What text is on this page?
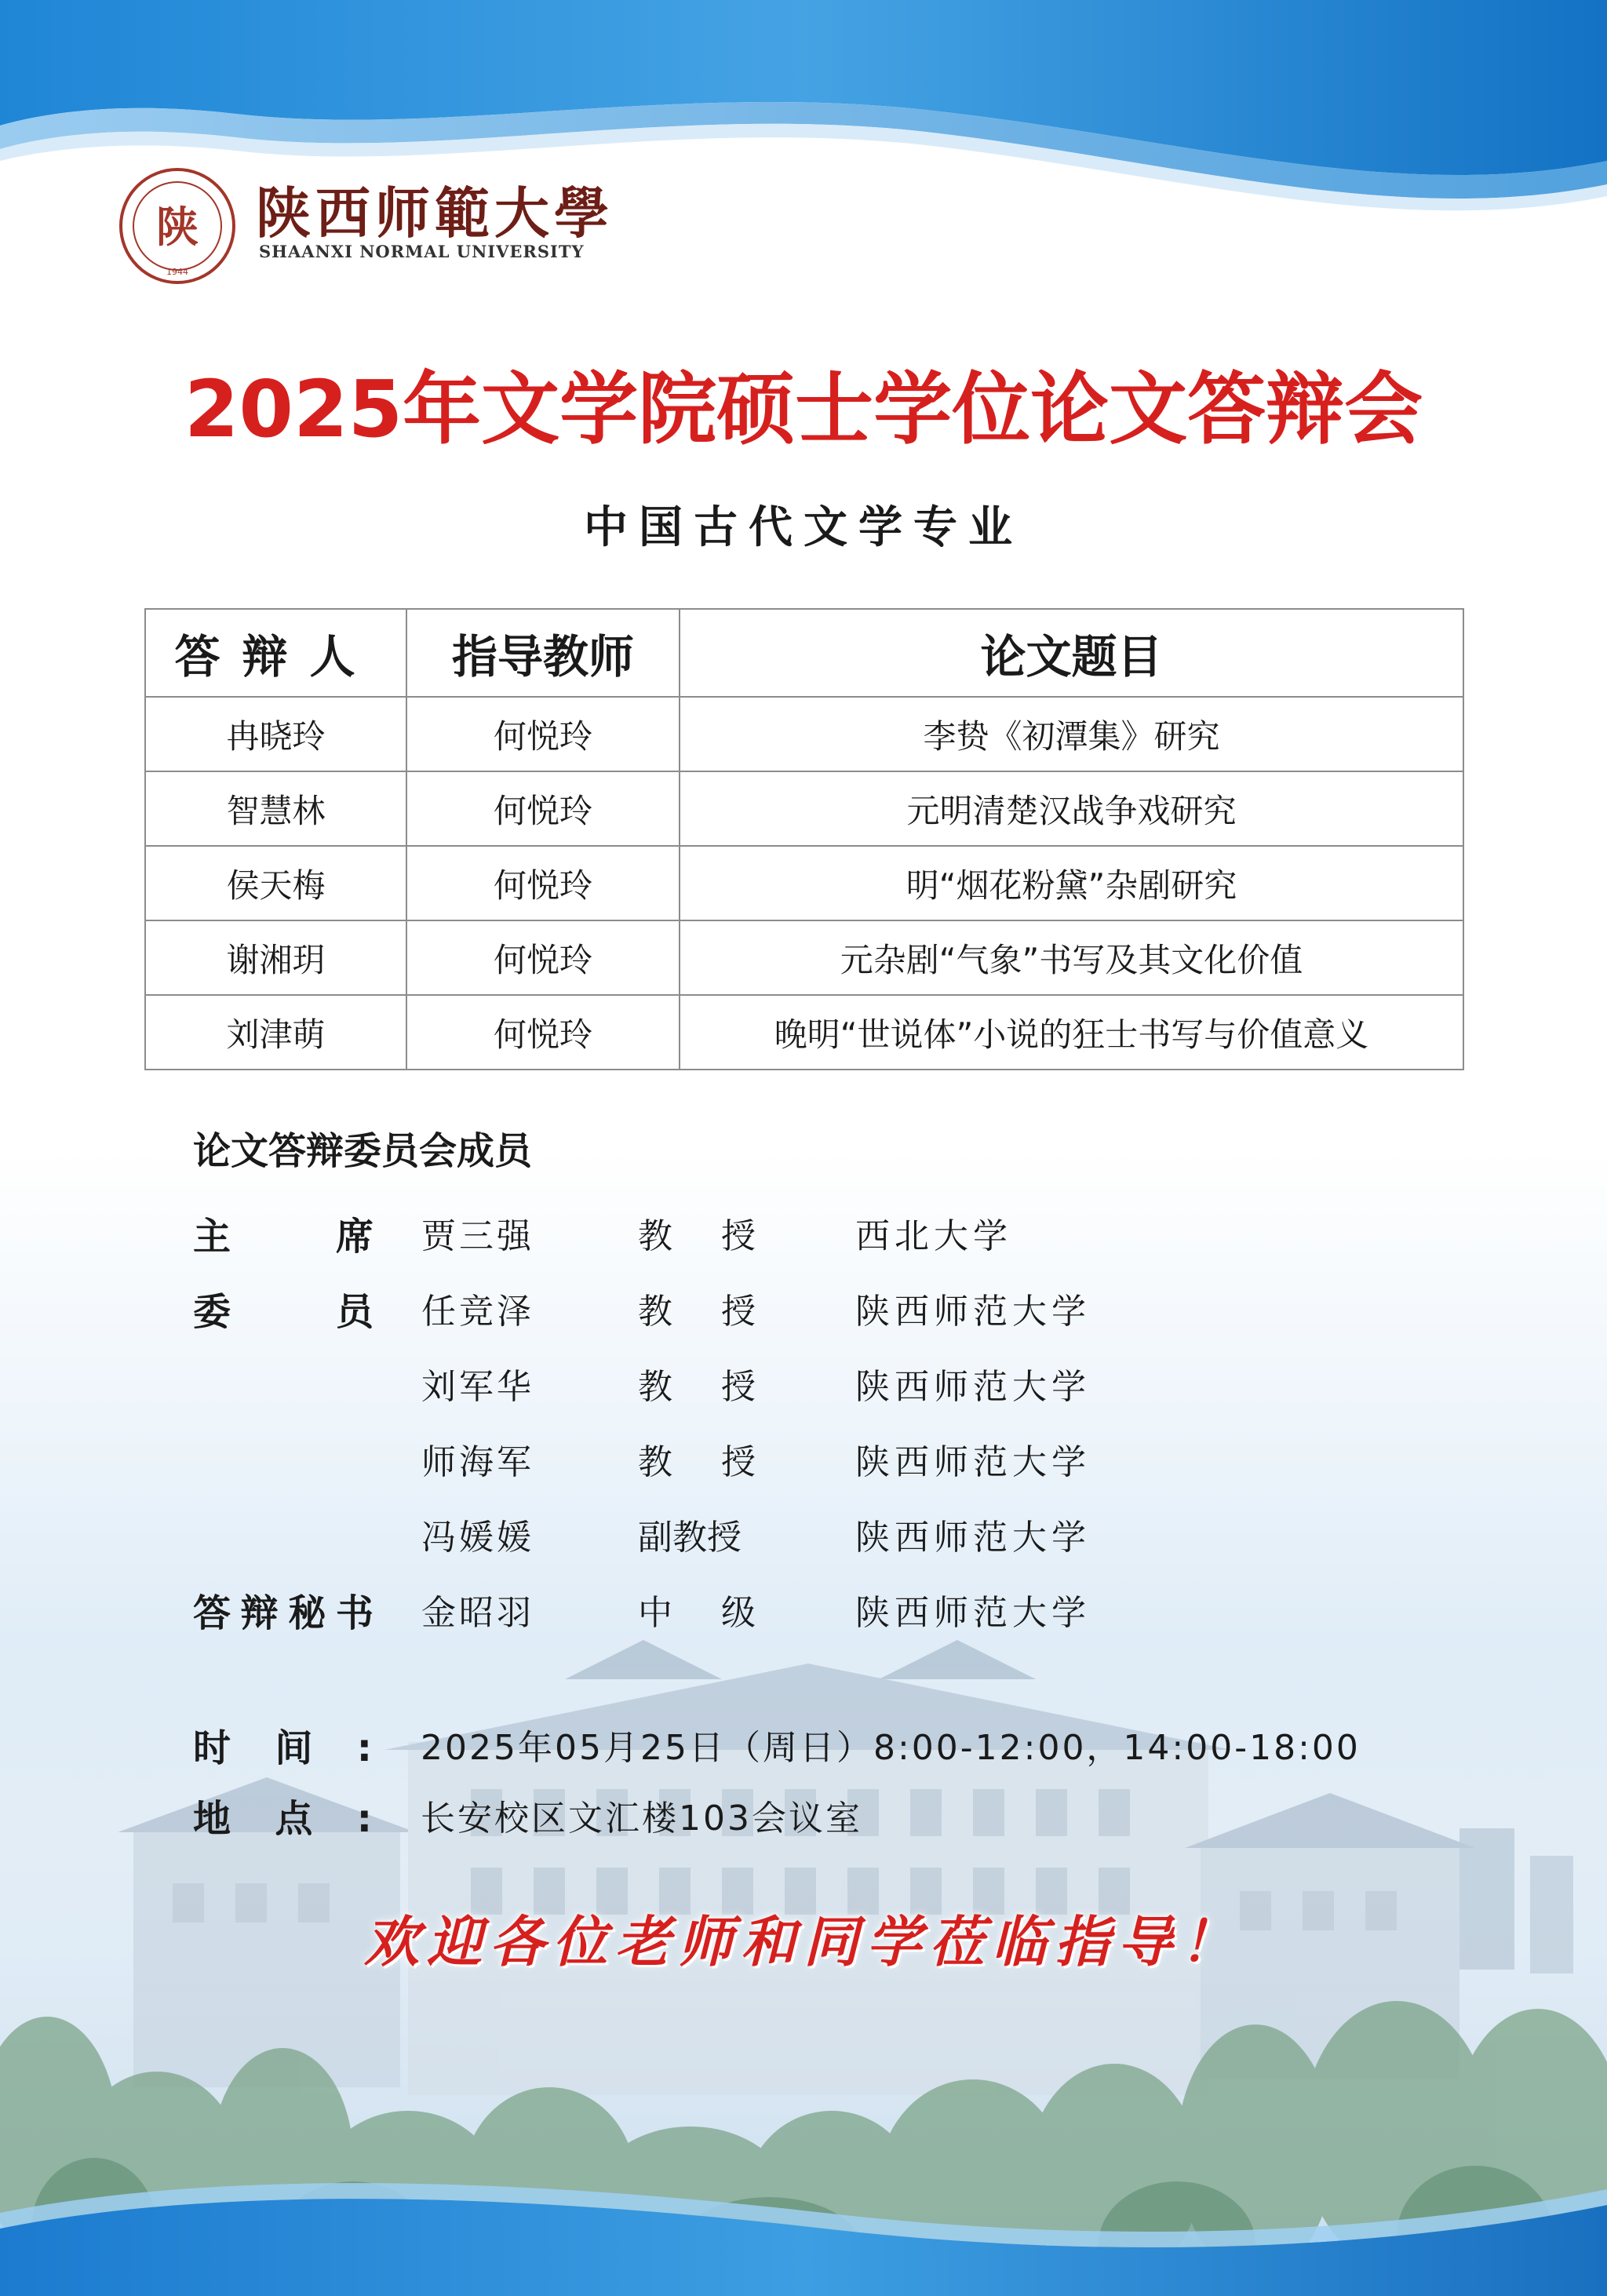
陕
1944
陕西师範大學
SHAANXI NORMAL UNIVERSITY
2025年文学院硕士学位论文答辩会
中国古代文学专业
答辩人	指导教师	论文题目
冉晓玲	何悦玲	李贽《初潭集》研究
智慧林	何悦玲	元明清楚汉战争戏研究
侯天梅	何悦玲	明“烟花粉黛”杂剧研究
谢湘玥	何悦玲	元杂剧“气象”书写及其文化价值
刘津萌	何悦玲	晚明“世说体”小说的狂士书写与价值意义
论文答辩委员会成员
主席 贾三强	教授	西北大学
委员 任竞泽	教授	陕西师范大学
刘军华	教授	陕西师范大学
师海军	教授	陕西师范大学
冯媛媛	副教授	陕西师范大学
答辩秘书 金昭羽	中级	陕西师范大学
时间: 2025年05月25日（周日）8:00-12:00，14:00-18:00
地点: 长安校区文汇楼103会议室
欢迎各位老师和同学莅临指导！
